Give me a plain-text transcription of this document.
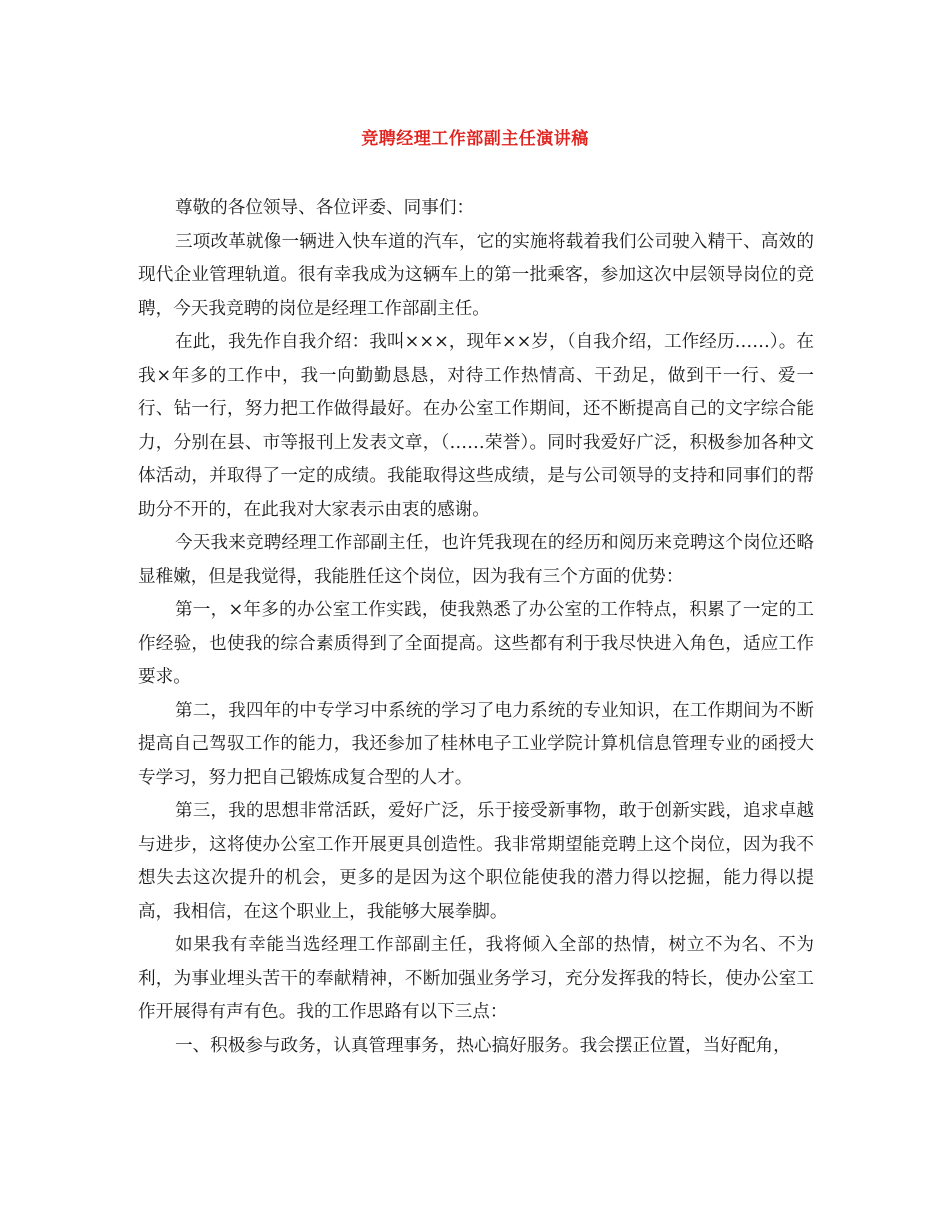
竞聘经理工作部副主任演讲稿

尊敬的各位领导、各位评委、同事们：

三项改革就像一辆进入快车道的汽车，它的实施将载着我们公司驶入精干、高效的现代企业管理轨道。很有幸我成为这辆车上的第一批乘客，参加这次中层领导岗位的竞聘，今天我竞聘的岗位是经理工作部副主任。

在此，我先作自我介绍：我叫×××，现年××岁，（自我介绍，工作经历……）。在我×年多的工作中，我一向勤勤恳恳，对待工作热情高、干劲足，做到干一行、爱一行、钻一行，努力把工作做得最好。在办公室工作期间，还不断提高自己的文字综合能力，分别在县、市等报刊上发表文章，（……荣誉）。同时我爱好广泛，积极参加各种文体活动，并取得了一定的成绩。我能取得这些成绩，是与公司领导的支持和同事们的帮助分不开的，在此我对大家表示由衷的感谢。

今天我来竞聘经理工作部副主任，也许凭我现在的经历和阅历来竞聘这个岗位还略显稚嫩，但是我觉得，我能胜任这个岗位，因为我有三个方面的优势：

第一，×年多的办公室工作实践，使我熟悉了办公室的工作特点，积累了一定的工作经验，也使我的综合素质得到了全面提高。这些都有利于我尽快进入角色，适应工作要求。

第二，我四年的中专学习中系统的学习了电力系统的专业知识，在工作期间为不断提高自己驾驭工作的能力，我还参加了桂林电子工业学院计算机信息管理专业的函授大专学习，努力把自己锻炼成复合型的人才。

第三，我的思想非常活跃，爱好广泛，乐于接受新事物，敢于创新实践，追求卓越与进步，这将使办公室工作开展更具创造性。我非常期望能竞聘上这个岗位，因为我不想失去这次提升的机会，更多的是因为这个职位能使我的潜力得以挖掘，能力得以提高，我相信，在这个职业上，我能够大展拳脚。

如果我有幸能当选经理工作部副主任，我将倾入全部的热情，树立不为名、不为利，为事业埋头苦干的奉献精神，不断加强业务学习，充分发挥我的特长，使办公室工作开展得有声有色。我的工作思路有以下三点：

一、积极参与政务，认真管理事务，热心搞好服务。我会摆正位置，当好配角，
